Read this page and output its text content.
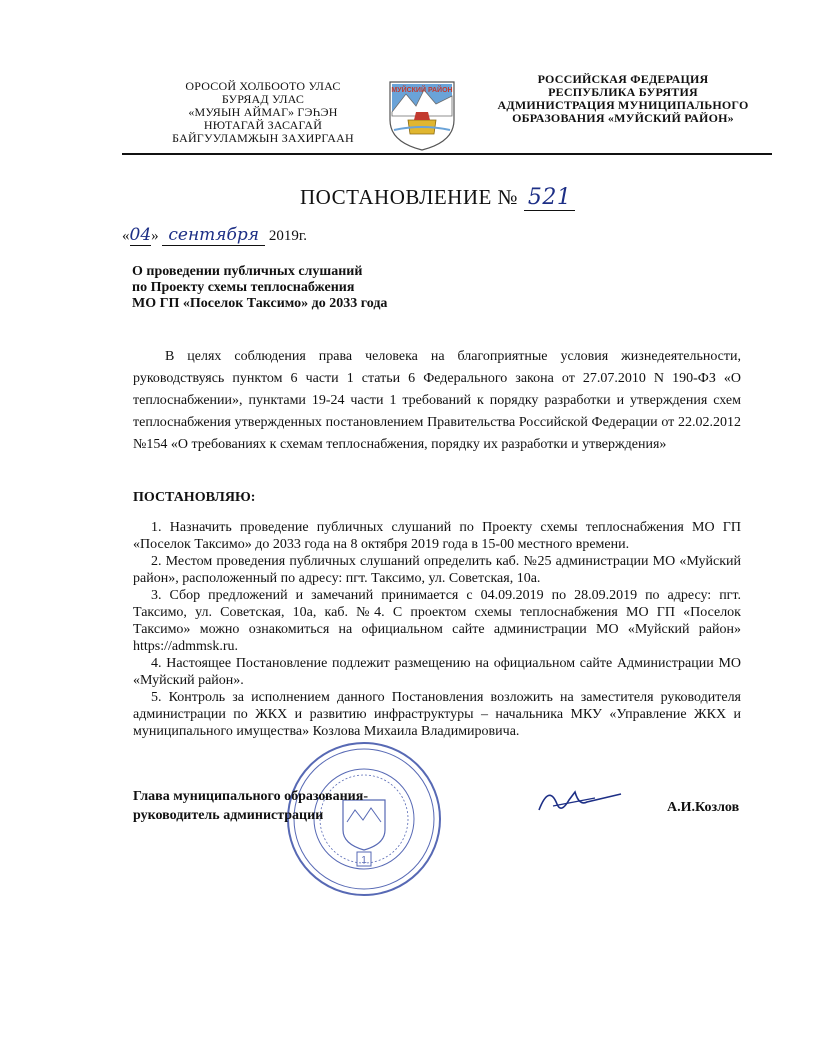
ОРОСОЙ ХОЛБООТО УЛАС
БУРЯАД УЛАС
«МУЯЫН АЙМАГ» ГЭҺЭН
НЮТАГАЙ ЗАСАГАЙ
БАЙГУУЛАМЖЫН ЗАХИРГААН
МУЙСКИЙ РАЙОН
РОССИЙСКАЯ ФЕДЕРАЦИЯ
РЕСПУБЛИКА БУРЯТИЯ
АДМИНИСТРАЦИЯ МУНИЦИПАЛЬНОГО
ОБРАЗОВАНИЯ «МУЙСКИЙ РАЙОН»
ПОСТАНОВЛЕНИЕ № 521
«04» сентября 2019г.
О проведении публичных слушаний
по Проекту схемы теплоснабжения
МО ГП «Поселок Таксимо» до 2033 года
В целях соблюдения права человека на благоприятные условия жизнедеятельности, руководствуясь пунктом 6 части 1 статьи 6 Федерального закона от 27.07.2010 N 190-ФЗ «О теплоснабжении», пунктами 19-24 части 1 требований к порядку разработки и утверждения схем теплоснабжения утвержденных постановлением Правительства Российской Федерации от 22.02.2012 №154 «О требованиях к схемам теплоснабжения, порядку их разработки и утверждения»
ПОСТАНОВЛЯЮ:
1. Назначить проведение публичных слушаний по Проекту схемы теплоснабжения МО ГП «Поселок Таксимо» до 2033 года на 8 октября 2019 года в 15-00 местного времени.
2. Местом проведения публичных слушаний определить каб. №25 администрации МО «Муйский район», расположенный по адресу: пгт. Таксимо, ул. Советская, 10а.
3. Сбор предложений и замечаний принимается с 04.09.2019 по 28.09.2019 по адресу: пгт. Таксимо, ул. Советская, 10а, каб. №4. С проектом схемы теплоснабжения МО ГП «Поселок Таксимо» можно ознакомиться на официальном сайте администрации МО «Муйский район» https://admmsk.ru.
4. Настоящее Постановление подлежит размещению на официальном сайте Администрации МО «Муйский район».
5. Контроль за исполнением данного Постановления возложить на заместителя руководителя администрации по ЖКХ и развитию инфраструктуры – начальника МКУ «Управление ЖКХ и муниципального имущества» Козлова Михаила Владимировича.
1
Глава муниципального образования-
руководитель администрации
А.И.Козлов
